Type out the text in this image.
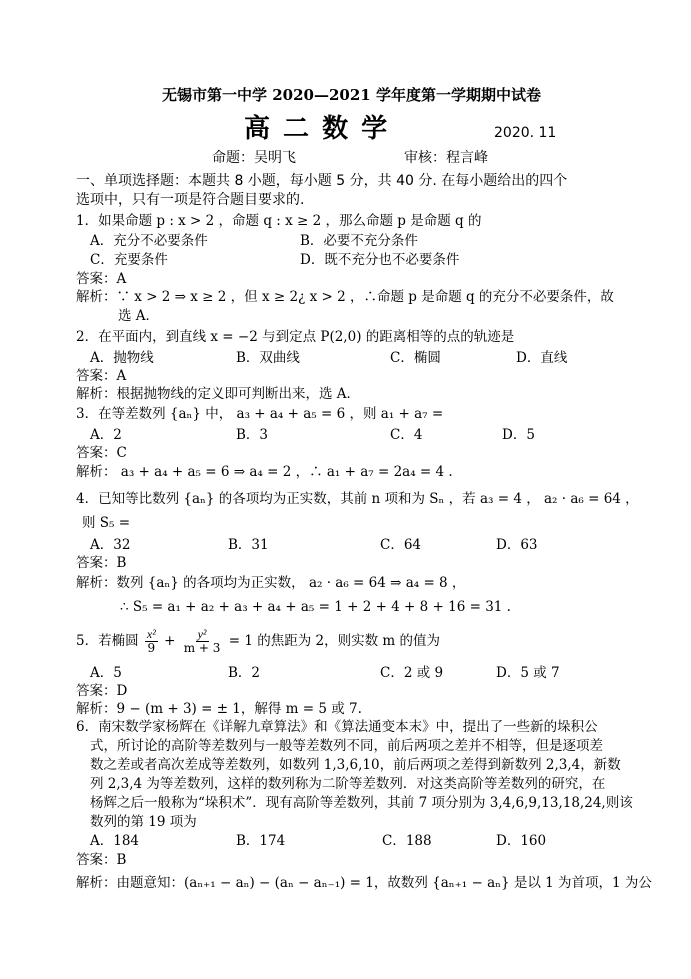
无锡市第一中学 2020—2021 学年度第一学期期中试卷
高 二 数 学	2020. 11
命题：吴明飞	审核：程言峰
一、单项选择题：本题共 8 小题，每小题 5 分，共 40 分. 在每小题给出的四个
选项中，只有一项是符合题目要求的.
1．如果命题 p : x > 2 ，命题 q : x ≥ 2 ，那么命题 p 是命题 q 的
A．充分不必要条件	B．必要不充分条件
C．充要条件	D．既不充分也不必要条件
答案：A
解析：∵ x > 2 ⇒ x ≥ 2 ，但 x ≥ 2¿ x > 2 ，∴命题 p 是命题 q 的充分不必要条件，故
选 A．
2．在平面内，到直线 x = −2 与到定点 P(2,0) 的距离相等的点的轨迹是
A．抛物线	B．双曲线	C．椭圆	D．直线
答案：A
解析：根据抛物线的定义即可判断出来，选 A．
3．在等差数列 {aₙ} 中， a₃ + a₄ + a₅ = 6 ，则 a₁ + a₇ =
A．2	B．3	C．4	D．5
答案：C
解析： a₃ + a₄ + a₅ = 6 ⇒ a₄ = 2 ，∴ a₁ + a₇ = 2a₄ = 4 .
4．已知等比数列 {aₙ} 的各项均为正实数，其前 n 项和为 Sₙ ，若 a₃ = 4 ， a₂ · a₆ = 64 ，
则 S₅ =
A．32	B．31	C．64	D．63
答案：B
解析：数列 {aₙ} 的各项均为正实数， a₂ · a₆ = 64 ⇒ a₄ = 8 ，
∴ S₅ = a₁ + a₂ + a₃ + a₄ + a₅ = 1 + 2 + 4 + 8 + 16 = 31 .
5．若椭圆 $\frac{\text{x²}}{9} + \frac{\text{y²}}{m + 3} = 1$ 的焦距为 2，则实数 m 的值为
A．5	B．2	C．2 或 9	D．5 或 7
答案：D
解析：9 − (m + 3) = ± 1，解得 m = 5 或 7.
6．南宋数学家杨辉在《详解九章算法》和《算法通变本末》中，提出了一些新的垛积公
式，所讨论的高阶等差数列与一般等差数列不同，前后两项之差并不相等，但是逐项差
数之差或者高次差成等差数列，如数列 1,3,6,10，前后两项之差得到新数列 2,3,4，新数
列 2,3,4 为等差数列，这样的数列称为二阶等差数列．对这类高阶等差数列的研究，在
杨辉之后一般称为“垛积术”．现有高阶等差数列，其前 7 项分别为 3,4,6,9,13,18,24,则该
数列的第 19 项为
A．184	B．174	C．188	D．160
答案：B
解析：由题意知：(aₙ₊₁ − aₙ) − (aₙ − aₙ₋₁) = 1，故数列 {aₙ₊₁ − aₙ} 是以 1 为首项，1 为公
